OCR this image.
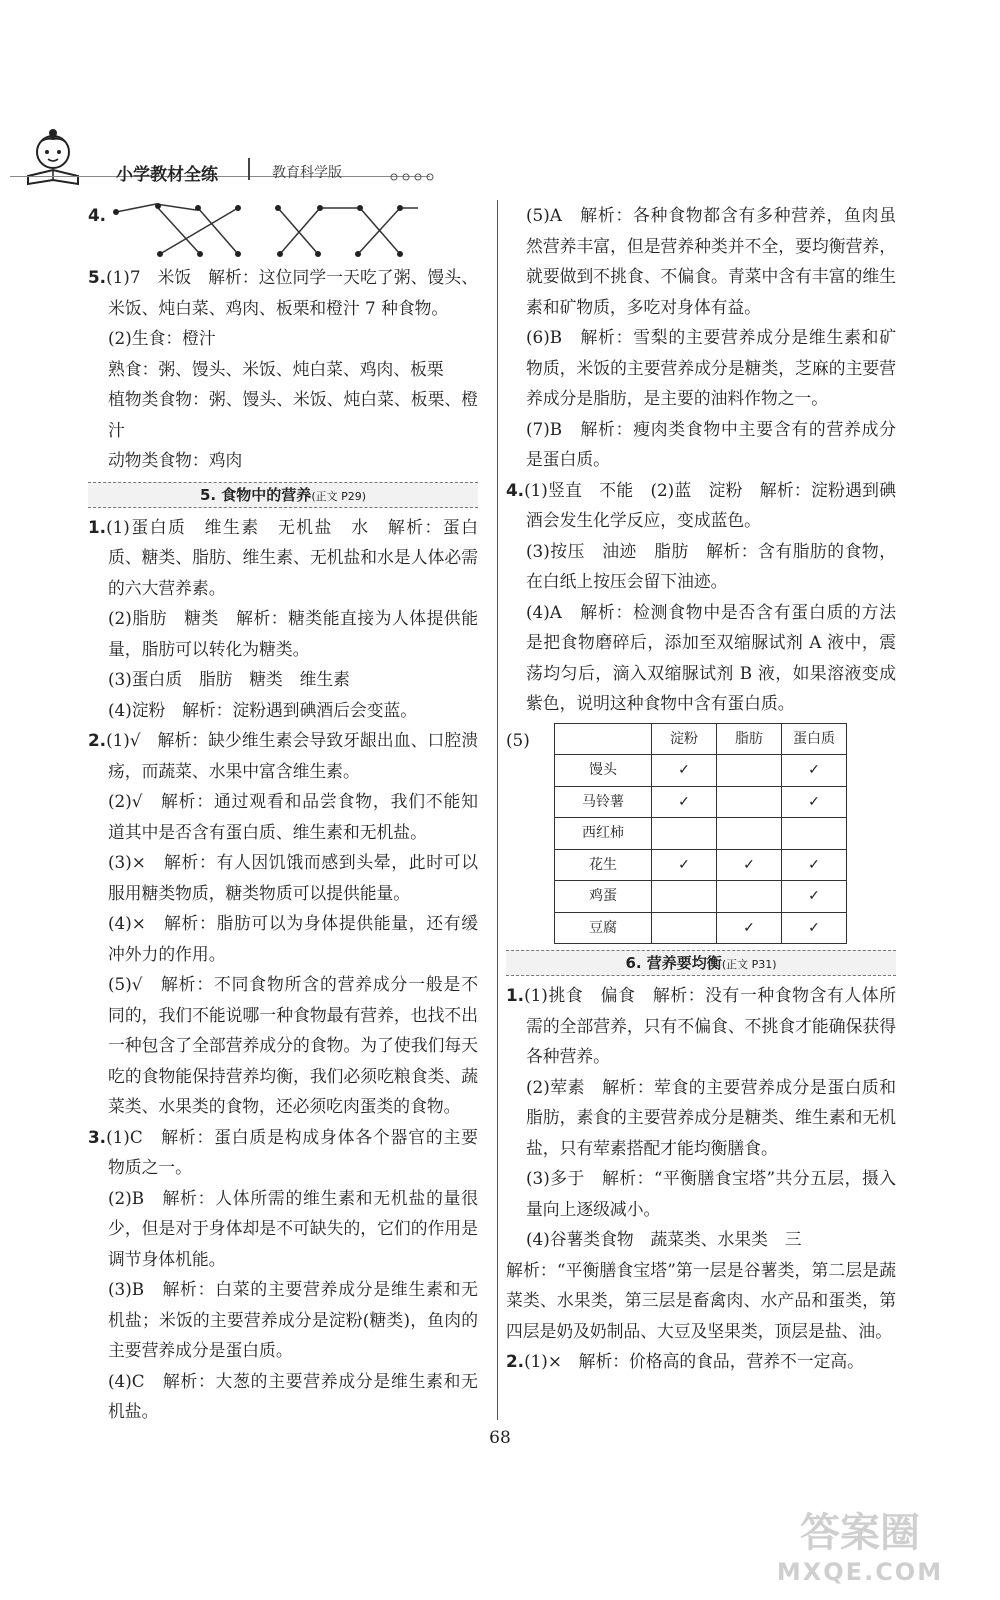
小学教材全练	教育科学版
4.

5.(1)7　米饭　解析：这位同学一天吃了粥、馒头、米饭、炖白菜、鸡肉、板栗和橙汁 7 种食物。

(2)生食：橙汁

熟食：粥、馒头、米饭、炖白菜、鸡肉、板栗

植物类食物：粥、馒头、米饭、炖白菜、板栗、橙汁

动物类食物：鸡肉

5. 食物中的营养(正文 P29)

1.(1)蛋白质　维生素　无机盐　水　解析：蛋白质、糖类、脂肪、维生素、无机盐和水是人体必需的六大营养素。

(2)脂肪　糖类　解析：糖类能直接为人体提供能量，脂肪可以转化为糖类。

(3)蛋白质　脂肪　糖类　维生素

(4)淀粉　解析：淀粉遇到碘酒后会变蓝。

2.(1)√　解析：缺少维生素会导致牙龈出血、口腔溃疡，而蔬菜、水果中富含维生素。

(2)√　解析：通过观看和品尝食物，我们不能知道其中是否含有蛋白质、维生素和无机盐。

(3)×　解析：有人因饥饿而感到头晕，此时可以服用糖类物质，糖类物质可以提供能量。

(4)×　解析：脂肪可以为身体提供能量，还有缓冲外力的作用。

(5)√　解析：不同食物所含的营养成分一般是不同的，我们不能说哪一种食物最有营养，也找不出一种包含了全部营养成分的食物。为了使我们每天吃的食物能保持营养均衡，我们必须吃粮食类、蔬菜类、水果类的食物，还必须吃肉蛋类的食物。

3.(1)C　解析：蛋白质是构成身体各个器官的主要物质之一。

(2)B　解析：人体所需的维生素和无机盐的量很少，但是对于身体却是不可缺失的，它们的作用是调节身体机能。

(3)B　解析：白菜的主要营养成分是维生素和无机盐；米饭的主要营养成分是淀粉(糖类)，鱼肉的主要营养成分是蛋白质。

(4)C　解析：大葱的主要营养成分是维生素和无机盐。

(5)A　解析：各种食物都含有多种营养，鱼肉虽然营养丰富，但是营养种类并不全，要均衡营养，就要做到不挑食、不偏食。青菜中含有丰富的维生素和矿物质，多吃对身体有益。

(6)B　解析：雪梨的主要营养成分是维生素和矿物质，米饭的主要营养成分是糖类，芝麻的主要营养成分是脂肪，是主要的油料作物之一。

(7)B　解析：瘦肉类食物中主要含有的营养成分是蛋白质。

4.(1)竖直　不能　(2)蓝　淀粉　解析：淀粉遇到碘酒会发生化学反应，变成蓝色。

(3)按压　油迹　脂肪　解析：含有脂肪的食物，在白纸上按压会留下油迹。

(4)A　解析：检测食物中是否含有蛋白质的方法是把食物磨碎后，添加至双缩脲试剂 A 液中，震荡均匀后，滴入双缩脲试剂 B 液，如果溶液变成紫色，说明这种食物中含有蛋白质。

(5)
		淀粉	脂肪	蛋白质
馒头	✓		✓
马铃薯	✓		✓
西红柿			
花生	✓	✓	✓
鸡蛋			✓
豆腐		✓	✓
6. 营养要均衡(正文 P31)

1.(1)挑食　偏食　解析：没有一种食物含有人体所需的全部营养，只有不偏食、不挑食才能确保获得各种营养。

(2)荤素　解析：荤食的主要营养成分是蛋白质和脂肪，素食的主要营养成分是糖类、维生素和无机盐，只有荤素搭配才能均衡膳食。

(3)多于　解析：“平衡膳食宝塔”共分五层，摄入量向上逐级减小。

(4)谷薯类食物　蔬菜类、水果类　三

解析：“平衡膳食宝塔”第一层是谷薯类，第二层是蔬菜类、水果类，第三层是畜禽肉、水产品和蛋类，第四层是奶及奶制品、大豆及坚果类，顶层是盐、油。

2.(1)×　解析：价格高的食品，营养不一定高。

68
答案圈
MXQE.COM
